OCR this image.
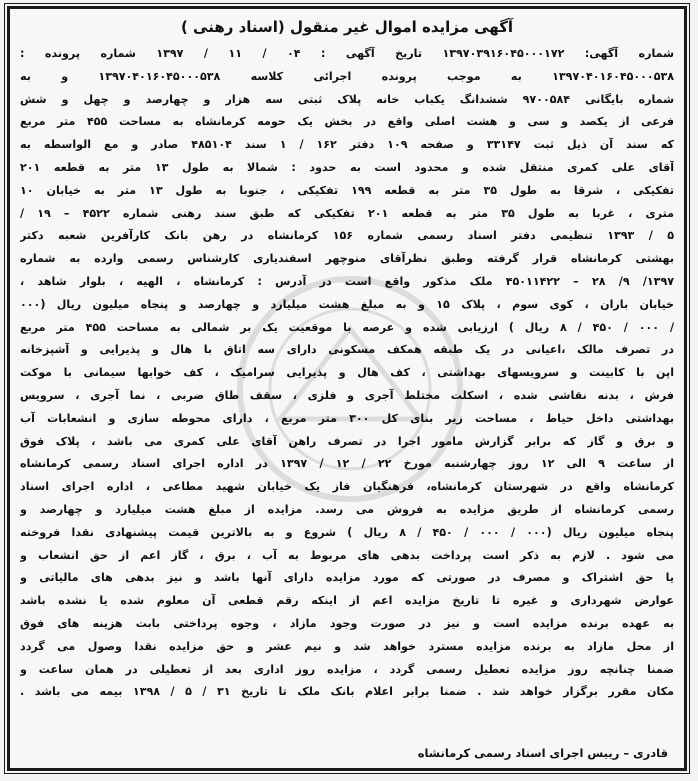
آگهی مزایده اموال غیر منقول (اسناد رهنی )
شماره آگهی: ۱۳۹۷۰۳۹۱۶۰۴۵۰۰۰۱۷۲ تاریخ آگهی : ۰۴ / ۱۱ / ۱۳۹۷ شماره پرونده :
۱۳۹۷۰۴۰۱۶۰۴۵۰۰۰۵۳۸ به موجب پرونده اجرائی کلاسه ۱۳۹۷۰۴۰۱۶۰۴۵۰۰۰۵۳۸ و به
شماره بایگانی ۹۷۰۰۵۸۴ ششدانگ یکباب خانه پلاک ثبتی سه هزار و چهارصد و چهل و شش
فرعی از یکصد و سی و هشت اصلی واقع در بخش یک حومه کرمانشاه به مساحت ۴۵۵ متر مربع
که سند آن ذیل ثبت ۳۳۱۴۷ و صفحه ۱۰۹ دفتر ۱۶۲ / ۱ سند ۴۸۵۱۰۴ صادر و مع الواسطه به
آقای علی کمری منتقل شده و محدود است به حدود : شمالا به طول ۱۳ متر به قطعه ۲۰۱
تفکیکی ، شرقا به طول ۳۵ متر به قطعه ۱۹۹ تفکیکی ، جنوبا به طول ۱۳ متر به خیابان ۱۰
متری ، غربا به طول ۳۵ متر به قطعه ۲۰۱ تفکیکی که طبق سند رهنی شماره ۴۵۲۲ – ۱۹ /
۵ / ۱۳۹۳ تنظیمی دفتر اسناد رسمی شماره ۱۵۶ کرمانشاه در رهن بانک کارآفرین شعبه دکتر
بهشتی کرمانشاه قرار گرفته وطبق نظرآقای منوچهر اسفندیاری کارشناس رسمی وارده به شماره
۱۳۹۷/ ۹/ ۲۸ – ۴۵۰۱۱۴۲۲ ملک مذکور واقع است در آدرس : کرمانشاه ، الهیه ، بلوار شاهد ،
خیابان باران ، کوی سوم ، پلاک ۱۵ و به مبلغ هشت میلیارد و چهارصد و پنجاه میلیون ریال (۰۰۰
/ ۰۰۰ / ۴۵۰ / ۸ ریال ) ارزیابی شده و عرصه با موقعیت یک بر شمالی به مساحت ۴۵۵ متر مربع
در تصرف مالک ،اعیانی در یک طبقه همکف مسکونی دارای سه اتاق با هال و پذیرایی و آشپزخانه
اپن با کابینت و سرویسهای بهداشتی ، کف هال و پذیرایی سرامیک ، کف خوابها سیمانی با موکت
فرش ، بدنه نقاشی شده ، اسکلت مختلط آجری و فلزی ، سقف طاق ضربی ، نما آجری ، سرویس
بهداشتی داخل حیاط ، مساحت زیر بنای کل ۳۰۰ متر مربع ، دارای محوطه سازی و انشعابات آب
و برق و گاز که برابر گزارش مامور اجرا در تصرف راهن آقای علی کمری می باشد ، پلاک فوق
از ساعت ۹ الی ۱۲ روز چهارشنبه مورخ ۲۲ / ۱۲ / ۱۳۹۷ در اداره اجرای اسناد رسمی کرمانشاه
کرمانشاه واقع در شهرستان کرمانشاه، فرهنگیان فاز یک خیابان شهید مطاعی ، اداره اجرای اسناد
رسمی کرمانشاه از طریق مزایده به فروش می رسد. مزایده از مبلغ هشت میلیارد و چهارصد و
پنجاه میلیون ریال (۰۰۰ / ۰۰۰ / ۴۵۰ / ۸ ریال ) شروع و به بالاترین قیمت پیشنهادی نقدا فروخته
می شود . لازم به ذکر است پرداخت بدهی های مربوط به آب ، برق ، گاز اعم از حق انشعاب و
یا حق اشتراک و مصرف در صورتی که مورد مزایده دارای آنها باشد و نیز بدهی های مالیاتی و
عوارض شهرداری و غیره تا تاریخ مزایده اعم از اینکه رقم قطعی آن معلوم شده یا نشده باشد
به عهده برنده مزایده است و نیز در صورت وجود مازاد ، وجوه پرداختی بابت هزینه های فوق
از محل مازاد به برنده مزایده مسترد خواهد شد و نیم عشر و حق مزایده نقدا وصول می گردد
ضمنا چنانچه روز مزایده تعطیل رسمی گردد ، مزایده روز اداری بعد از تعطیلی در همان ساعت و
مکان مقرر برگزار خواهد شد . ضمنا برابر اعلام بانک ملک تا تاریخ ۳۱ / ۵ / ۱۳۹۸ بیمه می باشد .
قادری – رییس اجرای اسناد رسمی کرمانشاه
